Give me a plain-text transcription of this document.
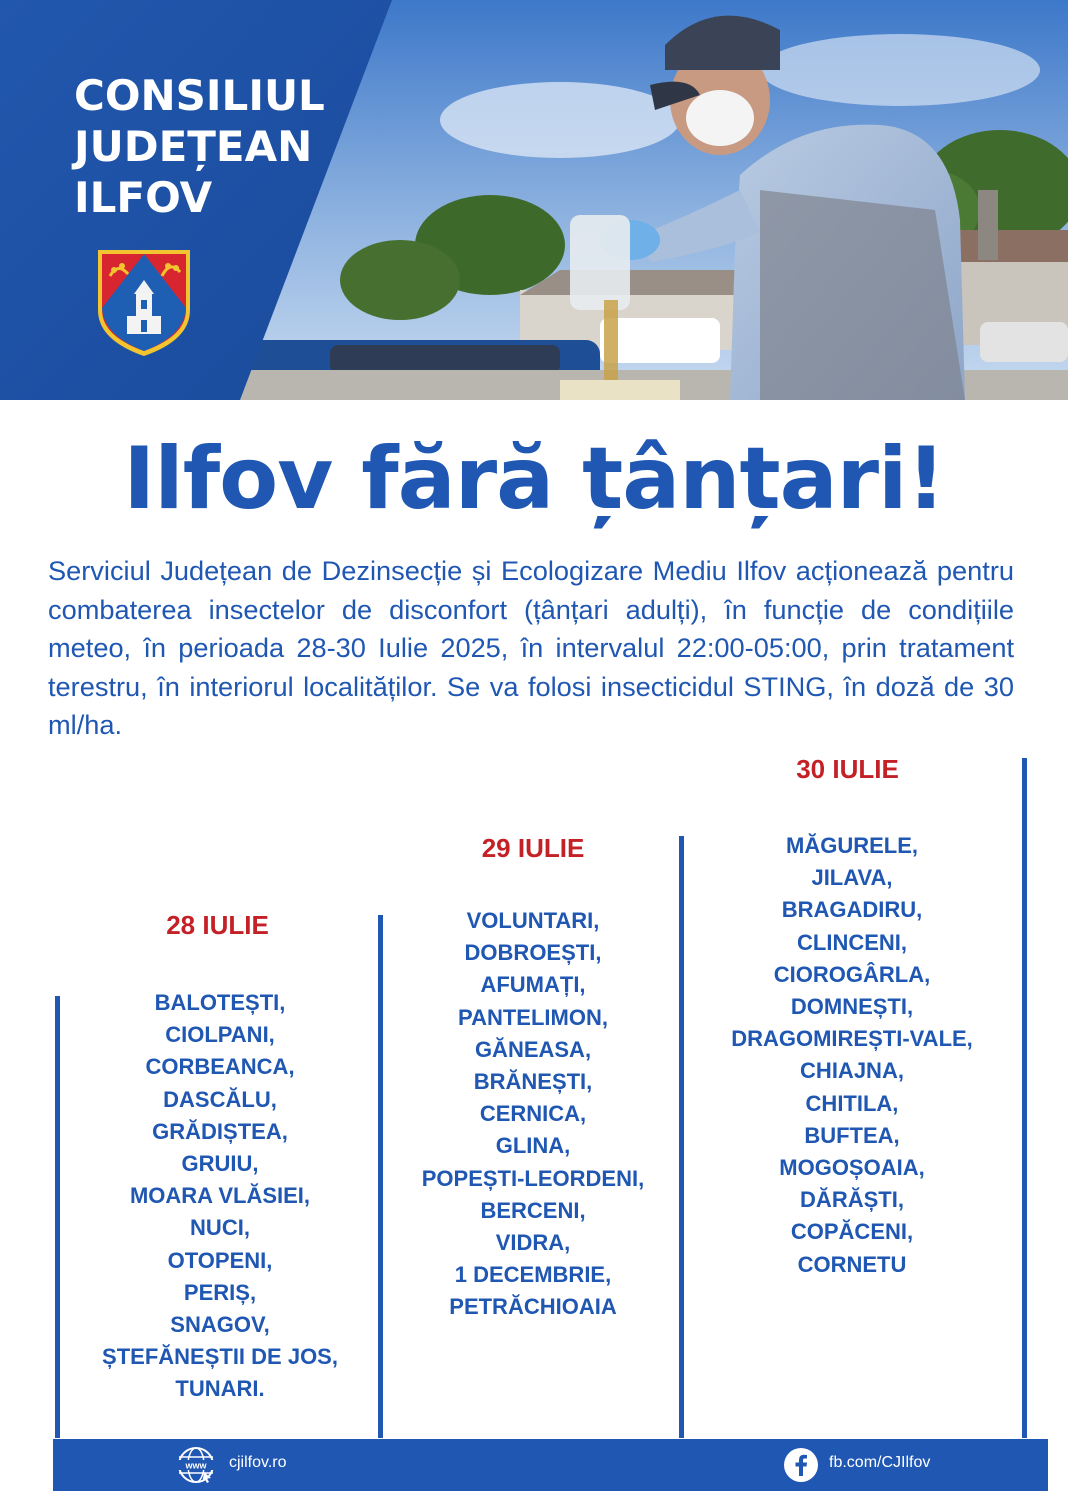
CONSILIUL
JUDEȚEAN
ILFOV
Ilfov fără țânțari!

Serviciul Județean de Dezinsecție și Ecologizare Mediu Ilfov acționează pentru combaterea insectelor de disconfort (țânțari adulți), în funcție de condițiile meteo, în perioada 28-30 Iulie 2025, în intervalul 22:00-05:00, prin tratament terestru, în interiorul localităților. Se va folosi insecticidul STING, în doză de 30 ml/ha.

28 IULIE
BALOTEȘTI,
CIOLPANI,
CORBEANCA,
DASCĂLU,
GRĂDIȘTEA,
GRUIU,
MOARA VLĂSIEI,
NUCI,
OTOPENI,
PERIȘ,
SNAGOV,
ȘTEFĂNEȘTII DE JOS,
TUNARI.
29 IULIE
VOLUNTARI,
DOBROEȘTI,
AFUMAȚI,
PANTELIMON,
GĂNEASA,
BRĂNEȘTI,
CERNICA,
GLINA,
POPEȘTI-LEORDENI,
BERCENI,
VIDRA,
1 DECEMBRIE,
PETRĂCHIOAIA
30 IULIE
MĂGURELE,
JILAVA,
BRAGADIRU,
CLINCENI,
CIOROGÂRLA,
DOMNEȘTI,
DRAGOMIREȘTI-VALE,
CHIAJNA,
CHITILA,
BUFTEA,
MOGOȘOAIA,
DĂRĂȘTI,
COPĂCENI,
CORNETU
www cjilfov.ro	fb.com/CJIlfov
